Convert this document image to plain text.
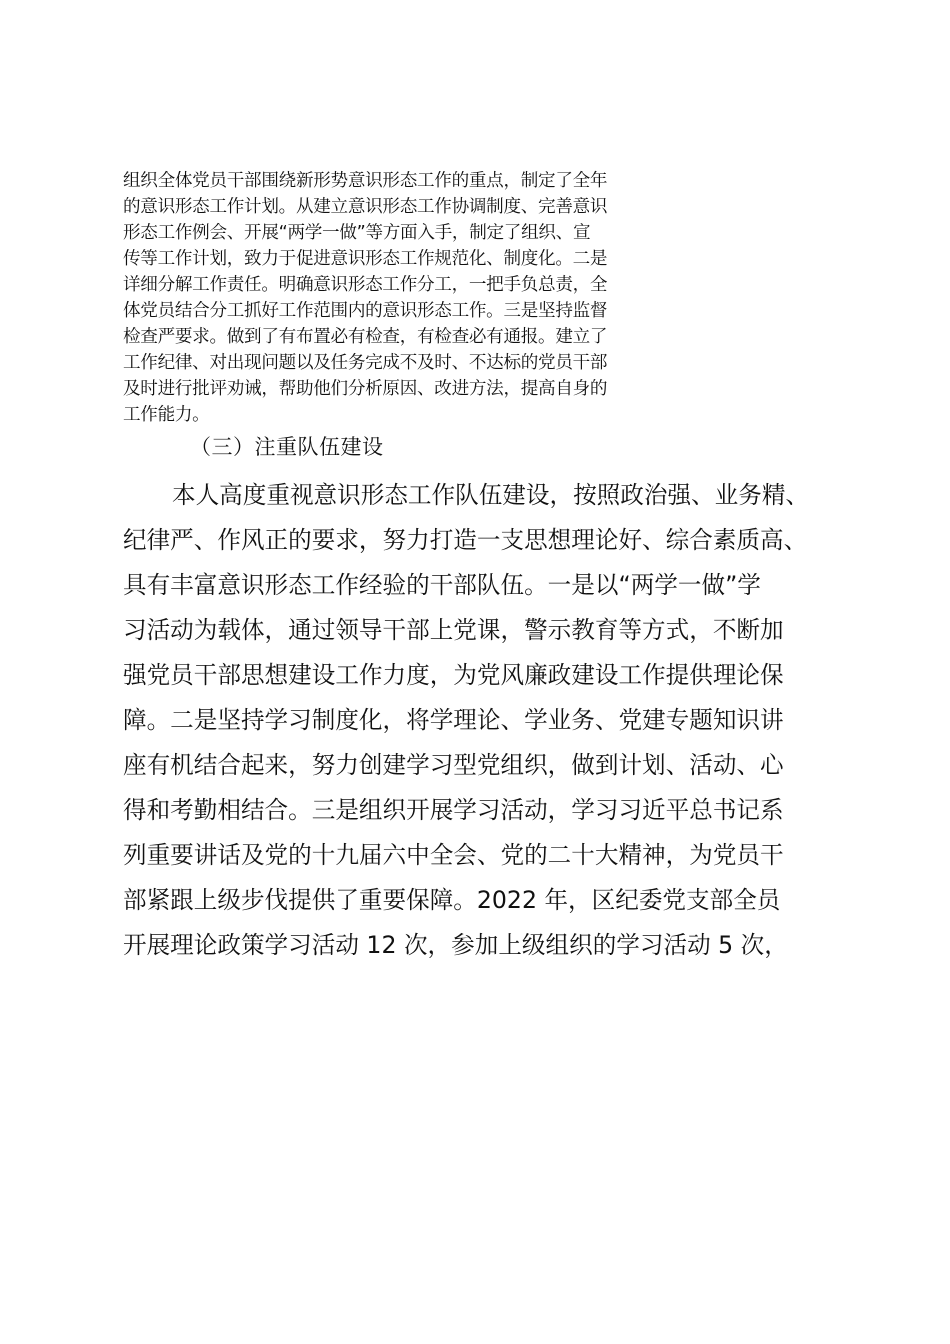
组织全体党员干部围绕新形势意识形态工作的重点，制定了全年

的意识形态工作计划。从建立意识形态工作协调制度、完善意识

形态工作例会、开展“两学一做”等方面入手，制定了组织、宣

传等工作计划，致力于促进意识形态工作规范化、制度化。二是

详细分解工作责任。明确意识形态工作分工，一把手负总责，全

体党员结合分工抓好工作范围内的意识形态工作。三是坚持监督

检查严要求。做到了有布置必有检查，有检查必有通报。建立了

工作纪律、对出现问题以及任务完成不及时、不达标的党员干部

及时进行批评劝诫，帮助他们分析原因、改进方法，提高自身的

工作能力。

（三）注重队伍建设

本人高度重视意识形态工作队伍建设，按照政治强、业务精、

纪律严、作风正的要求，努力打造一支思想理论好、综合素质高、

具有丰富意识形态工作经验的干部队伍。一是以“两学一做”学

习活动为载体，通过领导干部上党课，警示教育等方式，不断加

强党员干部思想建设工作力度，为党风廉政建设工作提供理论保

障。二是坚持学习制度化，将学理论、学业务、党建专题知识讲

座有机结合起来，努力创建学习型党组织，做到计划、活动、心

得和考勤相结合。三是组织开展学习活动，学习习近平总书记系

列重要讲话及党的十九届六中全会、党的二十大精神，为党员干

部紧跟上级步伐提供了重要保障。2022 年，区纪委党支部全员

开展理论政策学习活动 12 次，参加上级组织的学习活动 5 次，
